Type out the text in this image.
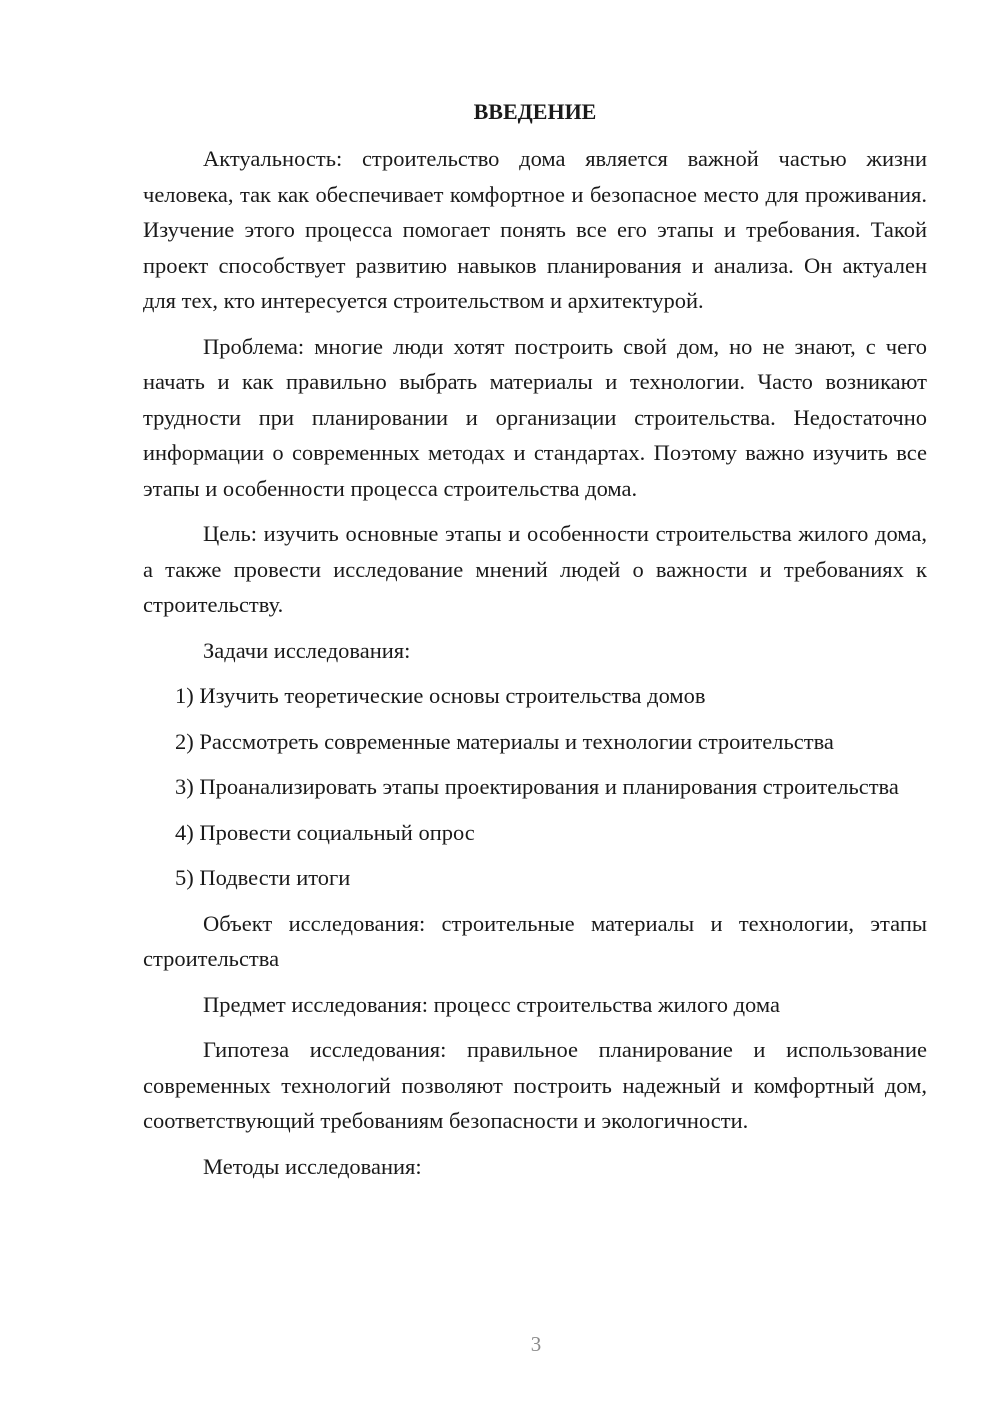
ВВЕДЕНИЕ

Актуальность: строительство дома является важной частью жизни человека, так как обеспечивает комфортное и безопасное место для проживания. Изучение этого процесса помогает понять все его этапы и требования. Такой проект способствует развитию навыков планирования и анализа. Он актуален для тех, кто интересуется строительством и архитектурой.

Проблема: многие люди хотят построить свой дом, но не знают, с чего начать и как правильно выбрать материалы и технологии. Часто возникают трудности при планировании и организации строительства. Недостаточно информации о современных методах и стандартах. Поэтому важно изучить все этапы и особенности процесса строительства дома.

Цель: изучить основные этапы и особенности строительства жилого дома, а также провести исследование мнений людей о важности и требованиях к строительству.

Задачи исследования:

1) Изучить теоретические основы строительства домов

2) Рассмотреть современные материалы и технологии строительства

3) Проанализировать этапы проектирования и планирования строительства

4) Провести социальный опрос

5) Подвести итоги

Объект исследования: строительные материалы и технологии, этапы строительства

Предмет исследования: процесс строительства жилого дома

Гипотеза исследования: правильное планирование и использование современных технологий позволяют построить надежный и комфортный дом, соответствующий требованиям безопасности и экологичности.

Методы исследования:

3
